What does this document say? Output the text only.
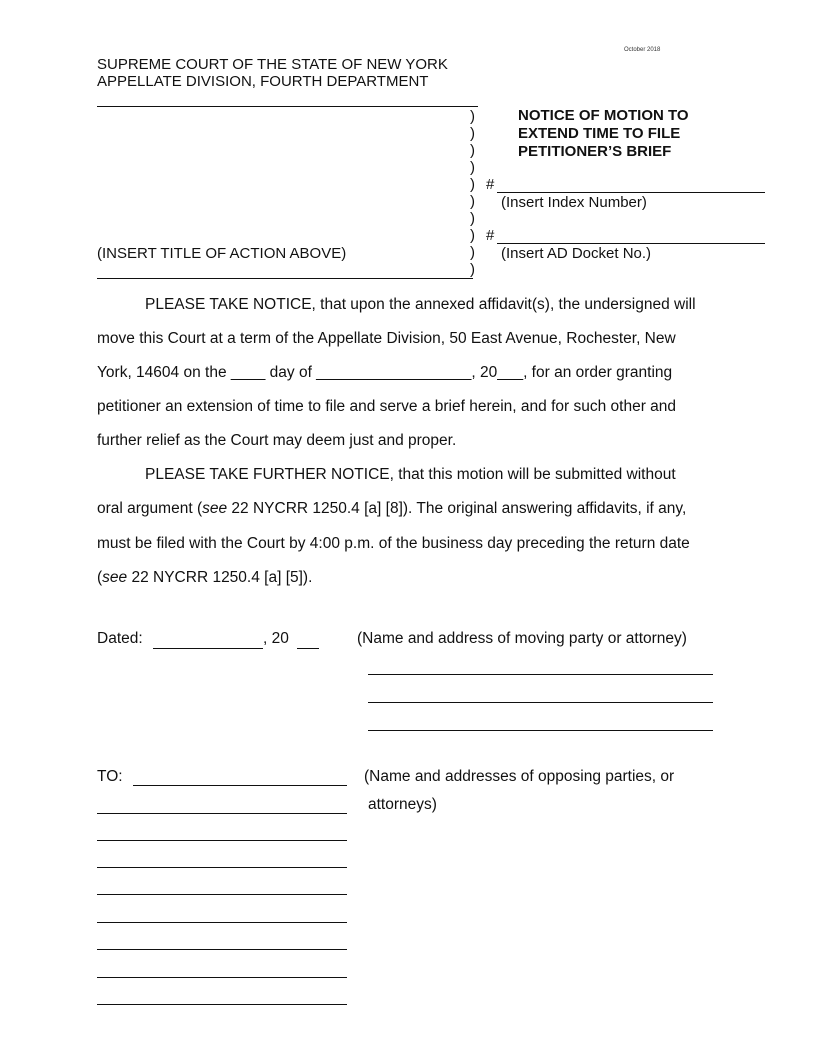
October 2018
SUPREME COURT OF THE STATE OF NEW YORK
APPELLATE DIVISION, FOURTH DEPARTMENT
)
)
)
)
)
)
)
)
)
)
NOTICE OF MOTION TO
EXTEND TIME TO FILE
PETITIONER’S BRIEF
#
(Insert Index Number)
#
(Insert AD Docket No.)
(INSERT TITLE OF ACTION ABOVE)
PLEASE TAKE NOTICE, that upon the annexed affidavit(s), the undersigned will
move this Court at a term of the Appellate Division, 50 East Avenue, Rochester, New
York, 14604 on the ____ day of __________________, 20___, for an order granting
petitioner an extension of time to file and serve a brief herein, and for such other and
further relief as the Court may deem just and proper.
PLEASE TAKE FURTHER NOTICE, that this motion will be submitted without
oral argument (see 22 NYCRR 1250.4 [a] [8]). The original answering affidavits, if any,
must be filed with the Court by 4:00 p.m. of the business day preceding the return date
(see 22 NYCRR 1250.4 [a] [5]).
Dated:	, 20	(Name and address of moving party or attorney)
TO:	(Name and addresses of opposing parties, or
attorneys)
